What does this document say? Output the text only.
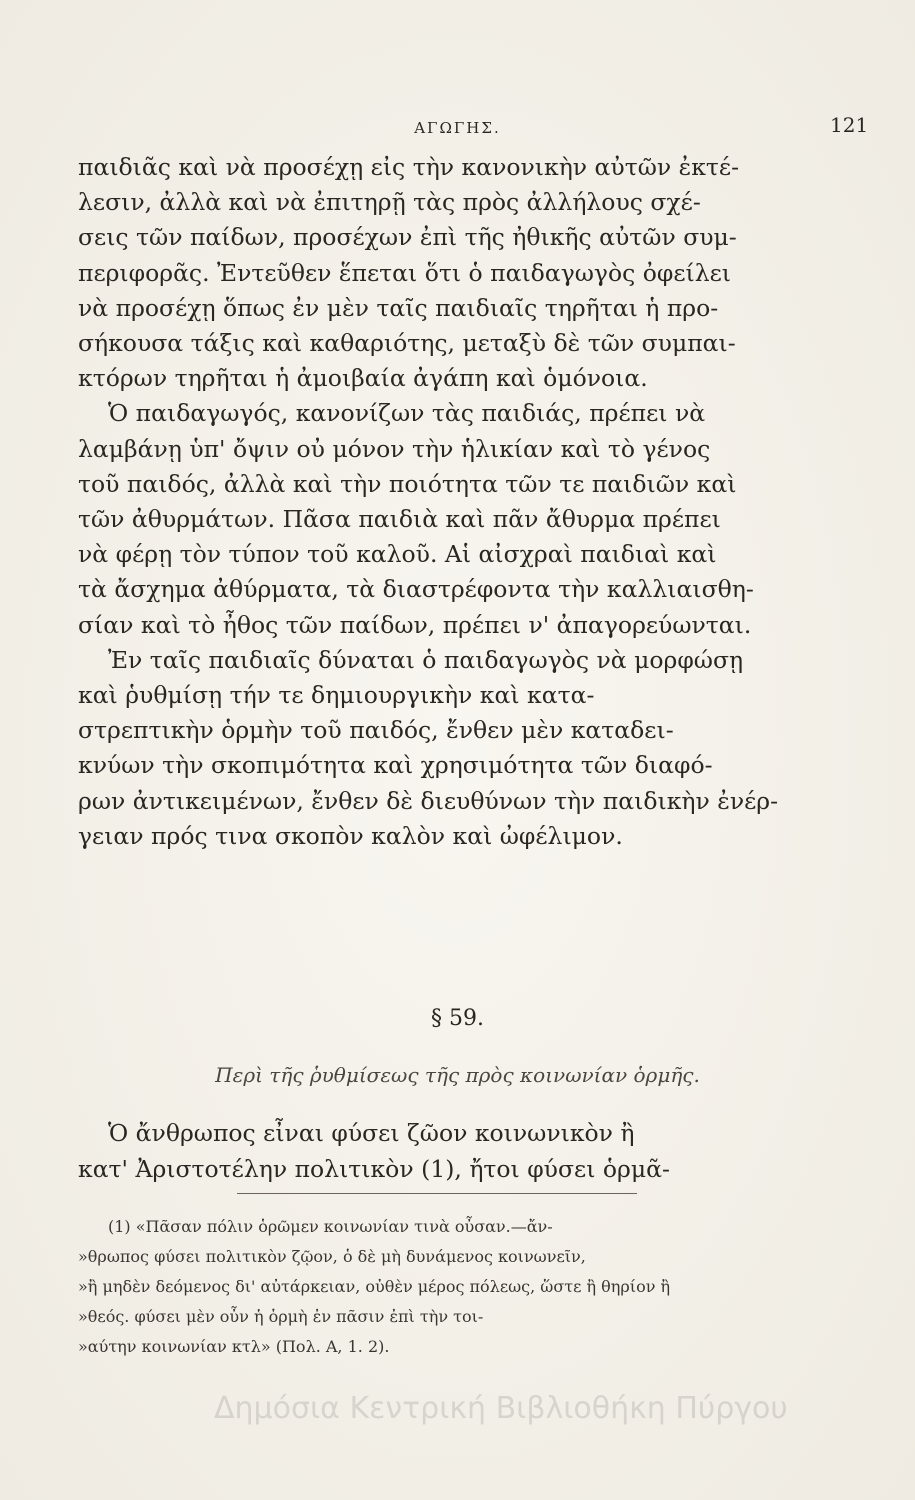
ΑΓΩΓΗΣ.	121
παιδιᾶς καὶ νὰ προσέχῃ εἰς τὴν κανονικὴν αὐτῶν ἐκτέ-
λεσιν, ἀλλὰ καὶ νὰ ἐπιτηρῇ τὰς πρὸς ἀλλήλους σχέ-
σεις τῶν παίδων, προσέχων ἐπὶ τῆς ἠθικῆς αὐτῶν συμ-
περιφορᾶς. Ἐντεῦθεν ἕπεται ὅτι ὁ παιδαγωγὸς ὀφείλει
νὰ προσέχῃ ὅπως ἐν μὲν ταῖς παιδιαῖς τηρῆται ἡ προ-
σήκουσα τάξις καὶ καθαριότης, μεταξὺ δὲ τῶν συμπαι-
κτόρων τηρῆται ἡ ἀμοιβαία ἀγάπη καὶ ὁμόνοια.
Ὁ παιδαγωγός, κανονίζων τὰς παιδιάς, πρέπει νὰ
λαμβάνῃ ὑπ' ὄψιν οὐ μόνον τὴν ἡλικίαν καὶ τὸ γένος
τοῦ παιδός, ἀλλὰ καὶ τὴν ποιότητα τῶν τε παιδιῶν καὶ
τῶν ἀθυρμάτων. Πᾶσα παιδιὰ καὶ πᾶν ἄθυρμα πρέπει
νὰ φέρῃ τὸν τύπον τοῦ καλοῦ. Αἱ αἰσχραὶ παιδιαὶ καὶ
τὰ ἄσχημα ἀθύρματα, τὰ διαστρέφοντα τὴν καλλιαισθη-
σίαν καὶ τὸ ἦθος τῶν παίδων, πρέπει ν' ἀπαγορεύωνται.
Ἐν ταῖς παιδιαῖς δύναται ὁ παιδαγωγὸς νὰ μορφώσῃ
καὶ ῥυθμίσῃ τήν τε δημιουργικὴν καὶ κατα-
στρεπτικὴν ὁρμὴν τοῦ παιδός, ἔνθεν μὲν καταδει-
κνύων τὴν σκοπιμότητα καὶ χρησιμότητα τῶν διαφό-
ρων ἀντικειμένων, ἔνθεν δὲ διευθύνων τὴν παιδικὴν ἐνέρ-
γειαν πρός τινα σκοπὸν καλὸν καὶ ὠφέλιμον.
§ 59.
Περὶ τῆς ῥυθμίσεως τῆς πρὸς κοινωνίαν ὁρμῆς.
Ὁ ἄνθρωπος εἶναι φύσει ζῶον κοινωνικὸν ἢ
κατ' Ἀριστοτέλην πολιτικὸν (1), ἤτοι φύσει ὁρμᾶ-
(1) «Πᾶσαν πόλιν ὁρῶμεν κοινωνίαν τινὰ οὖσαν.—ἄν-
»θρωπος φύσει πολιτικὸν ζῷον, ὁ δὲ μὴ δυνάμενος κοινωνεῖν,
»ἢ μηδὲν δεόμενος δι' αὐτάρκειαν, οὐθὲν μέρος πόλεως, ὥστε ἢ θηρίον ἢ
»θεός. φύσει μὲν οὖν ἡ ὁρμὴ ἐν πᾶσιν ἐπὶ τὴν τοι-
»αύτην κοινωνίαν κτλ» (Πολ. Α, 1. 2).
Δημόσια Κεντρική Βιβλιοθήκη Πύργου
